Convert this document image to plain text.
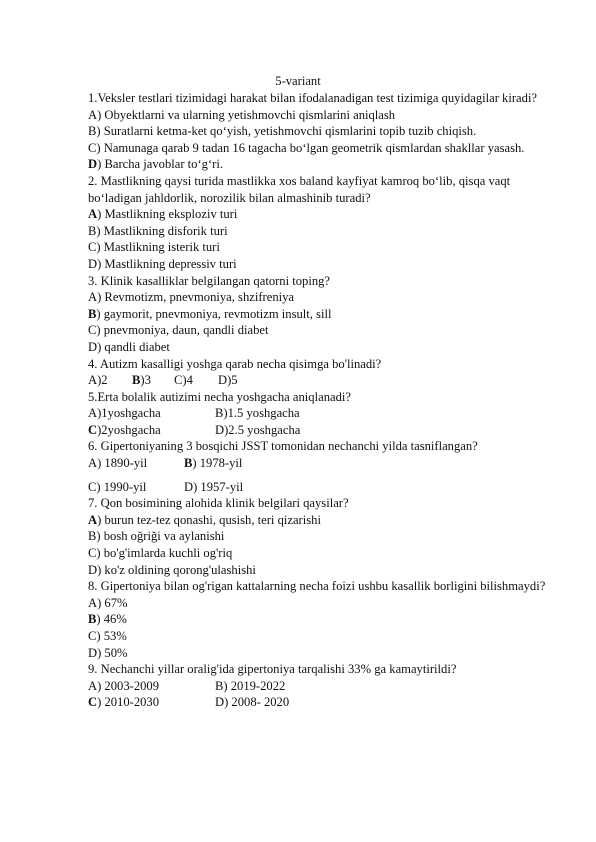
5-variant

1.Veksler testlari tizimidagi harakat bilan ifodalanadigan test tizimiga quyidagilar kiradi?

A) Obyektlarni va ularning yetishmovchi qismlarini aniqlash

B) Suratlarni ketma-ket qo‘yish, yetishmovchi qismlarini topib tuzib chiqish.

C) Namunaga qarab 9 tadan 16 tagacha bo‘lgan geometrik qismlardan shakllar yasash.

D) Barcha javoblar to‘g‘ri.

2. Mastlikning qaysi turida mastlikka xos baland kayfiyat kamroq bo‘lib, qisqa vaqt bo‘ladigan jahldorlik, norozilik bilan almashinib turadi?

A) Mastlikning eksploziv turi

B) Mastlikning disforik turi

C) Mastlikning isterik turi

D) Mastlikning depressiv turi

3. Klinik kasalliklar belgilangan qatorni toping?

A) Revmotizm, pnevmoniya, shzifreniya

B) gaymorit, pnevmoniya, revmotizm insult, sill

C) pnevmoniya, daun, qandli diabet

D) qandli diabet

4. Autizm kasalligi yoshga qarab necha qisimga bo'linadi?

A)2	B)3	C)4	D)5

5.Erta bolalik autizimi necha yoshgacha aniqlanadi?

A)1yoshgacha	B)1.5 yoshgacha
C)2yoshgacha	D)2.5 yoshgacha

6. Gipertoniyaning 3 bosqichi JSST tomonidan nechanchi yilda tasniflangan?

A) 1890-yil	B) 1978-yil
C) 1990-yil	D) 1957-yil

7. Qon bosimining alohida klinik belgilari qaysilar?

A) burun tez-tez qonashi, qusish, teri qizarishi

B) bosh oğriği va aylanishi

C) bo'g'imlarda kuchli og'riq

D) ko'z oldining qorong'ulashishi

8. Gipertoniya bilan og'rigan kattalarning necha foizi ushbu kasallik borligini bilishmaydi?

A) 67%

B) 46%

C) 53%

D) 50%

9. Nechanchi yillar oralig'ida gipertoniya tarqalishi 33% ga kamaytirildi?

A) 2003-2009	B) 2019-2022
C) 2010-2030	D) 2008- 2020
